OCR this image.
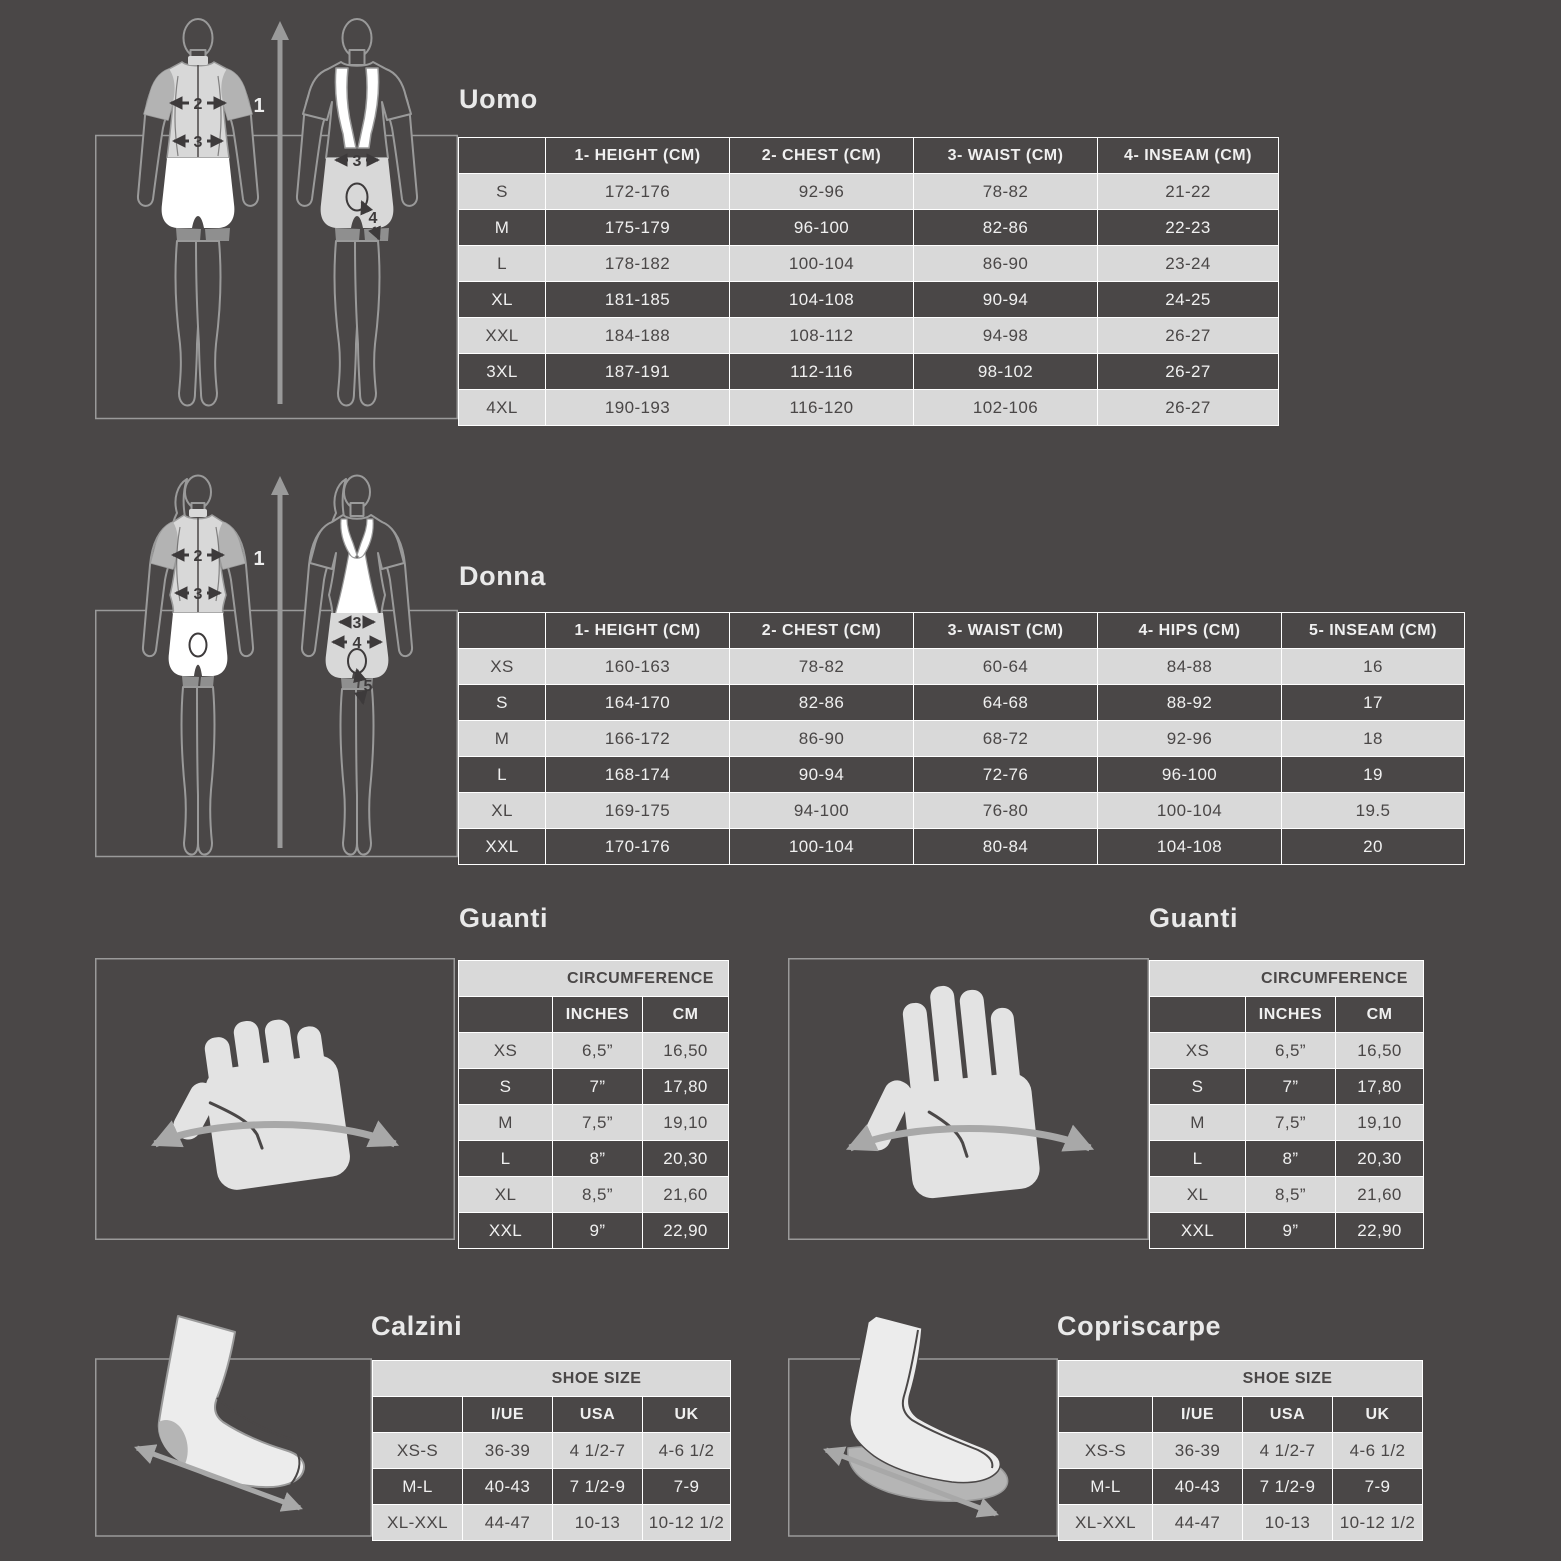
Uomo
1
2
3
3
4
	1- HEIGHT (CM)	2- CHEST (CM)	3- WAIST (CM)	4- INSEAM (CM)
S	172-176	92-96	78-82	21-22
M	175-179	96-100	82-86	22-23
L	178-182	100-104	86-90	23-24
XL	181-185	104-108	90-94	24-25
XXL	184-188	108-112	94-98	26-27
3XL	187-191	112-116	98-102	26-27
4XL	190-193	116-120	102-106	26-27
Donna
1
2
3
3
4
5
	1- HEIGHT (CM)	2- CHEST (CM)	3- WAIST (CM)	4- HIPS (CM)	5- INSEAM (CM)
XS	160-163	78-82	60-64	84-88	16
S	164-170	82-86	64-68	88-92	17
M	166-172	86-90	68-72	92-96	18
L	168-174	90-94	72-76	96-100	19
XL	169-175	94-100	76-80	100-104	19.5
XXL	170-176	100-104	80-84	104-108	20
Guanti
CIRCUMFERENCE		

	INCHES	CM
XS	6,5”	16,50
S	7”	17,80
M	7,5”	19,10
L	8”	20,30
XL	8,5”	21,60
XXL	9”	22,90
Guanti
CIRCUMFERENCE		

	INCHES	CM
XS	6,5”	16,50
S	7”	17,80
M	7,5”	19,10
L	8”	20,30
XL	8,5”	21,60
XXL	9”	22,90
Calzini
SHOE SIZE			

	I/UE	USA	UK
XS-S	36-39	4 1/2-7	4-6 1/2
M-L	40-43	7 1/2-9	7-9
XL-XXL	44-47	10-13	10-12 1/2
Copriscarpe
SHOE SIZE			

	I/UE	USA	UK
XS-S	36-39	4 1/2-7	4-6 1/2
M-L	40-43	7 1/2-9	7-9
XL-XXL	44-47	10-13	10-12 1/2
